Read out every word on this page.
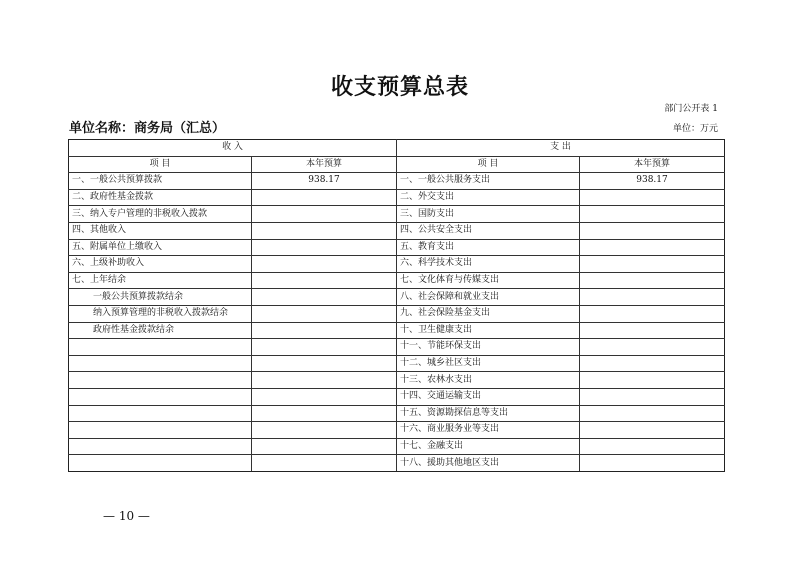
收支预算总表
部门公开表 1
单位名称：商务局（汇总）	单位：万元
收 入		支 出	
项 目	本年预算	项 目	本年预算
一、一般公共预算拨款	938.17	一、一般公共服务支出	938.17
二、政府性基金拨款		二、外交支出	
三、纳入专户管理的非税收入拨款		三、国防支出	
四、其他收入		四、公共安全支出	
五、附属单位上缴收入		五、教育支出	
六、上级补助收入		六、科学技术支出	
七、上年结余		七、文化体育与传媒支出	
一般公共预算拨款结余		八、社会保障和就业支出	
纳入预算管理的非税收入拨款结余		九、社会保险基金支出	
政府性基金拨款结余		十、卫生健康支出	
		十一、节能环保支出	
		十二、城乡社区支出	
		十三、农林水支出	
		十四、交通运输支出	
		十五、资源勘探信息等支出	
		十六、商业服务业等支出	
		十七、金融支出	
		十八、援助其他地区支出	
— 10 —
